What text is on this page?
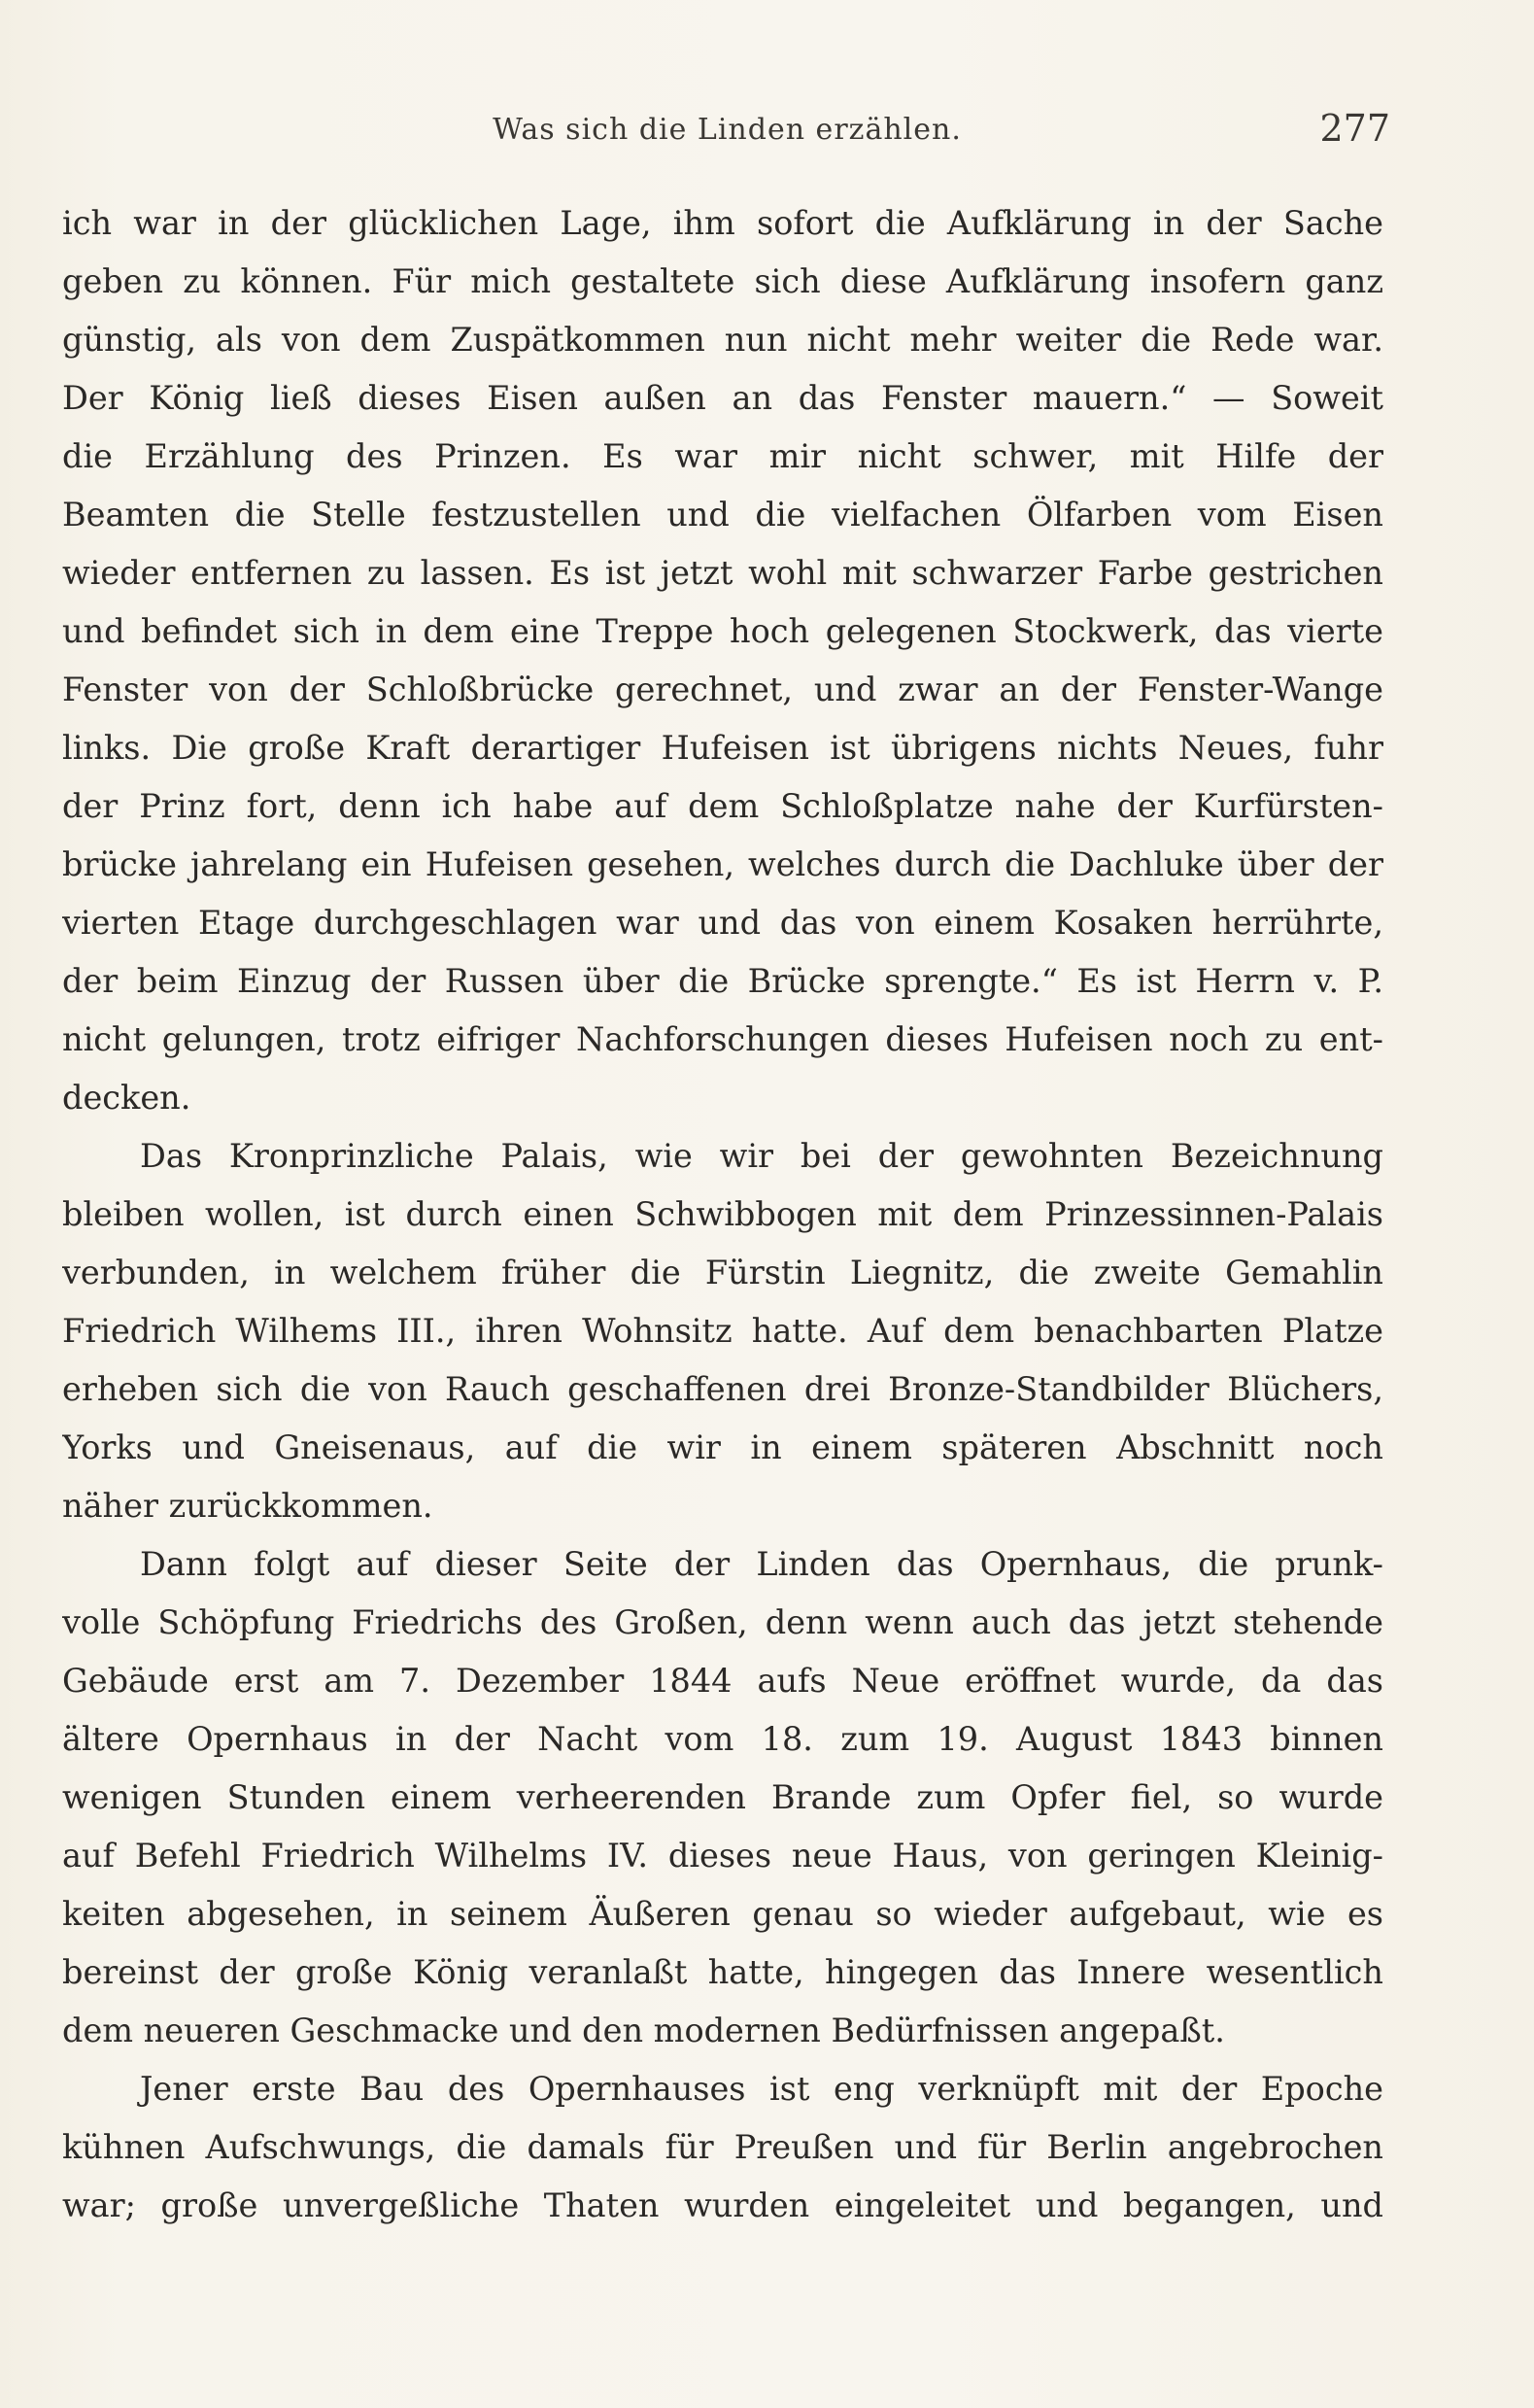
Was sich die Linden erzählen.	277
ich war in der glücklichen Lage, ihm sofort die Aufklärung in der Sache
geben zu können. Für mich gestaltete sich diese Aufklärung insofern ganz
günstig, als von dem Zuspätkommen nun nicht mehr weiter die Rede war.
Der König ließ dieses Eisen außen an das Fenster mauern.“ — Soweit
die Erzählung des Prinzen. Es war mir nicht schwer, mit Hilfe der
Beamten die Stelle festzustellen und die vielfachen Ölfarben vom Eisen
wieder entfernen zu lassen. Es ist jetzt wohl mit schwarzer Farbe gestrichen
und befindet sich in dem eine Treppe hoch gelegenen Stockwerk, das vierte
Fenster von der Schloßbrücke gerechnet, und zwar an der Fenster-Wange
links. Die große Kraft derartiger Hufeisen ist übrigens nichts Neues, fuhr
der Prinz fort, denn ich habe auf dem Schloßplatze nahe der Kurfürsten-
brücke jahrelang ein Hufeisen gesehen, welches durch die Dachluke über der
vierten Etage durchgeschlagen war und das von einem Kosaken herrührte,
der beim Einzug der Russen über die Brücke sprengte.“ Es ist Herrn v. P.
nicht gelungen, trotz eifriger Nachforschungen dieses Hufeisen noch zu ent-
decken.
Das Kronprinzliche Palais, wie wir bei der gewohnten Bezeichnung
bleiben wollen, ist durch einen Schwibbogen mit dem Prinzessinnen-Palais
verbunden, in welchem früher die Fürstin Liegnitz, die zweite Gemahlin
Friedrich Wilhems III., ihren Wohnsitz hatte. Auf dem benachbarten Platze
erheben sich die von Rauch geschaffenen drei Bronze-Standbilder Blüchers,
Yorks und Gneisenaus, auf die wir in einem späteren Abschnitt noch
näher zurückkommen.
Dann folgt auf dieser Seite der Linden das Opernhaus, die prunk-
volle Schöpfung Friedrichs des Großen, denn wenn auch das jetzt stehende
Gebäude erst am 7. Dezember 1844 aufs Neue eröffnet wurde, da das
ältere Opernhaus in der Nacht vom 18. zum 19. August 1843 binnen
wenigen Stunden einem verheerenden Brande zum Opfer fiel, so wurde
auf Befehl Friedrich Wilhelms IV. dieses neue Haus, von geringen Kleinig-
keiten abgesehen, in seinem Äußeren genau so wieder aufgebaut, wie es
bereinst der große König veranlaßt hatte, hingegen das Innere wesentlich
dem neueren Geschmacke und den modernen Bedürfnissen angepaßt.
Jener erste Bau des Opernhauses ist eng verknüpft mit der Epoche
kühnen Aufschwungs, die damals für Preußen und für Berlin angebrochen
war; große unvergeßliche Thaten wurden eingeleitet und begangen, und
